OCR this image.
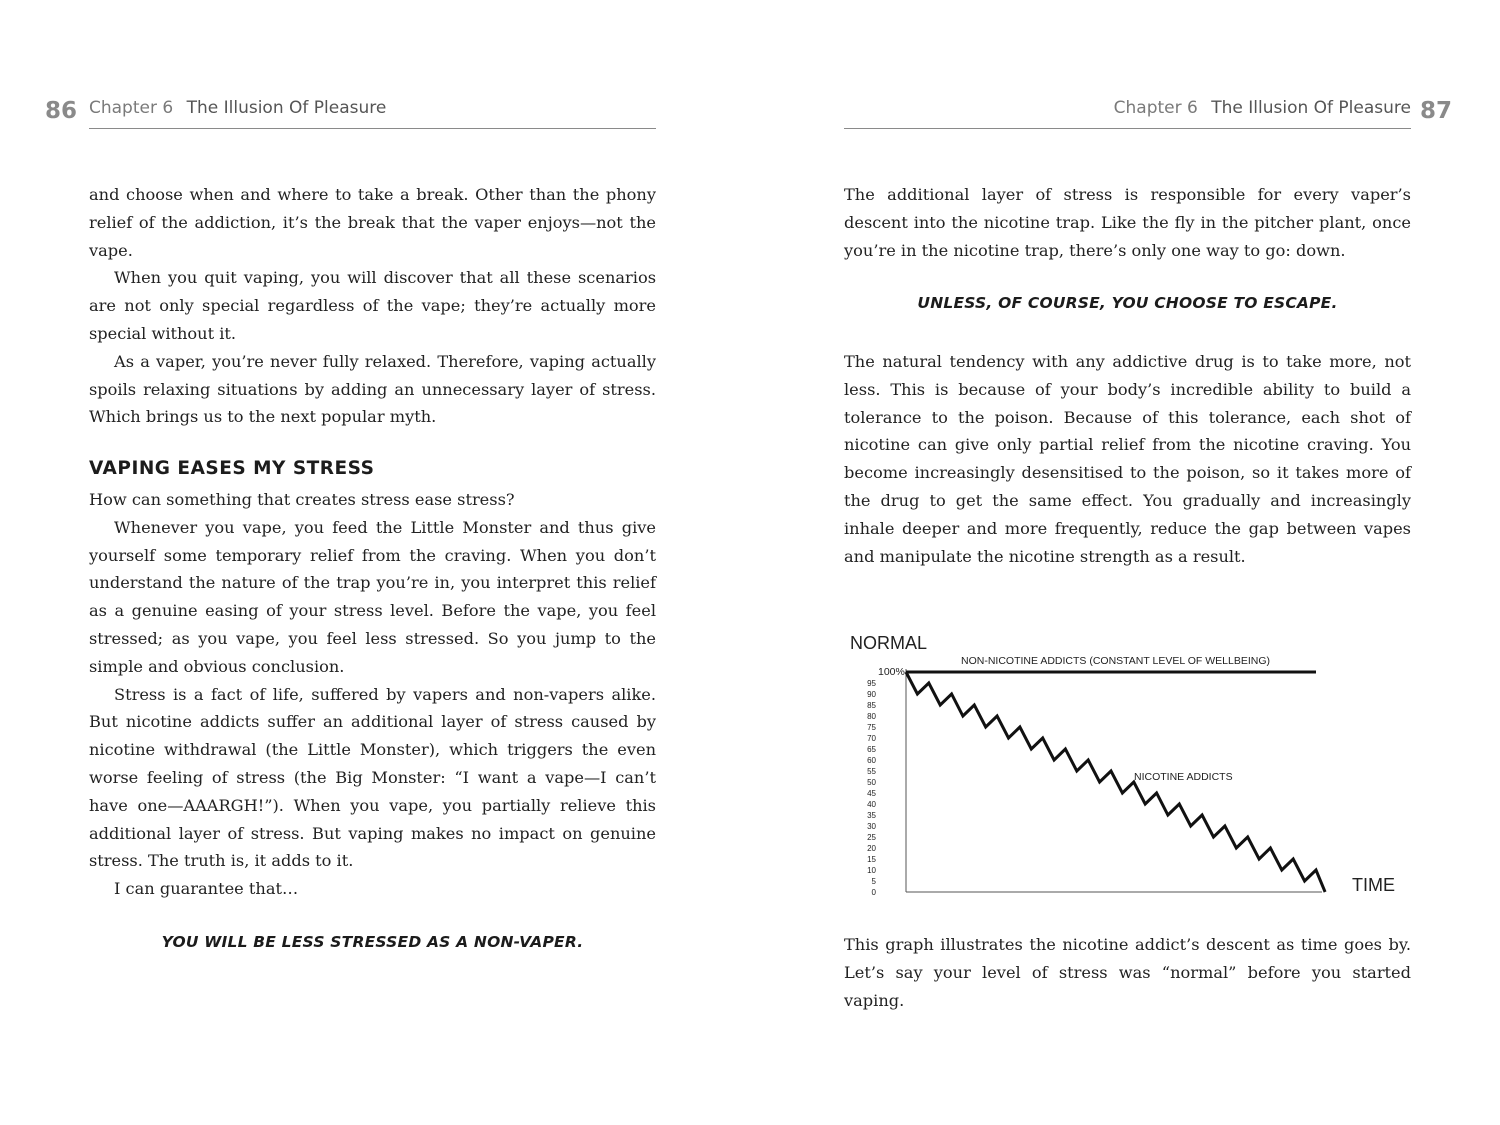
86 Chapter 6 The Illusion Of Pleasure

and choose when and where to take a break. Other than the phony relief of the addiction, it’s the break that the vaper enjoys—not the vape.

When you quit vaping, you will discover that all these scenarios are not only special regardless of the vape; they’re actually more special without it.

As a vaper, you’re never fully relaxed. Therefore, vaping actually spoils relaxing situations by adding an unnecessary layer of stress. Which brings us to the next popular myth.

VAPING EASES MY STRESS

How can something that creates stress ease stress?

Whenever you vape, you feed the Little Monster and thus give yourself some temporary relief from the craving. When you don’t understand the nature of the trap you’re in, you interpret this relief as a genuine easing of your stress level. Before the vape, you feel stressed; as you vape, you feel less stressed. So you jump to the simple and obvious conclusion.

Stress is a fact of life, suffered by vapers and non-vapers alike. But nicotine addicts suffer an additional layer of stress caused by nicotine withdrawal (the Little Monster), which triggers the even worse feeling of stress (the Big Monster: “I want a vape—I can’t have one—AAARGH!”). When you vape, you partially relieve this additional layer of stress. But vaping makes no impact on genuine stress. The truth is, it adds to it.

I can guarantee that…

YOU WILL BE LESS STRESSED AS A NON-VAPER.
Chapter 6 The Illusion Of Pleasure 87

The additional layer of stress is responsible for every vaper’s descent into the nicotine trap. Like the fly in the pitcher plant, once you’re in the nicotine trap, there’s only one way to go: down.

UNLESS, OF COURSE, YOU CHOOSE TO ESCAPE.

The natural tendency with any addictive drug is to take more, not less. This is because of your body’s incredible ability to build a tolerance to the poison. Because of this tolerance, each shot of nicotine can give only partial relief from the nicotine craving. You become increasingly desensitised to the poison, so it takes more of the drug to get the same effect. You gradually and increasingly inhale deeper and more frequently, reduce the gap between vapes and manipulate the nicotine strength as a result.

This graph illustrates the nicotine addict’s descent as time goes by. Let’s say your level of stress was “normal” before you started vaping.

NORMAL
TIME
100%
95
90
85
80
75
70
65
60
55
50
45
40
35
30
25
20
15
10
5
0
NON-NICOTINE ADDICTS (CONSTANT LEVEL OF WELLBEING)
NICOTINE ADDICTS
